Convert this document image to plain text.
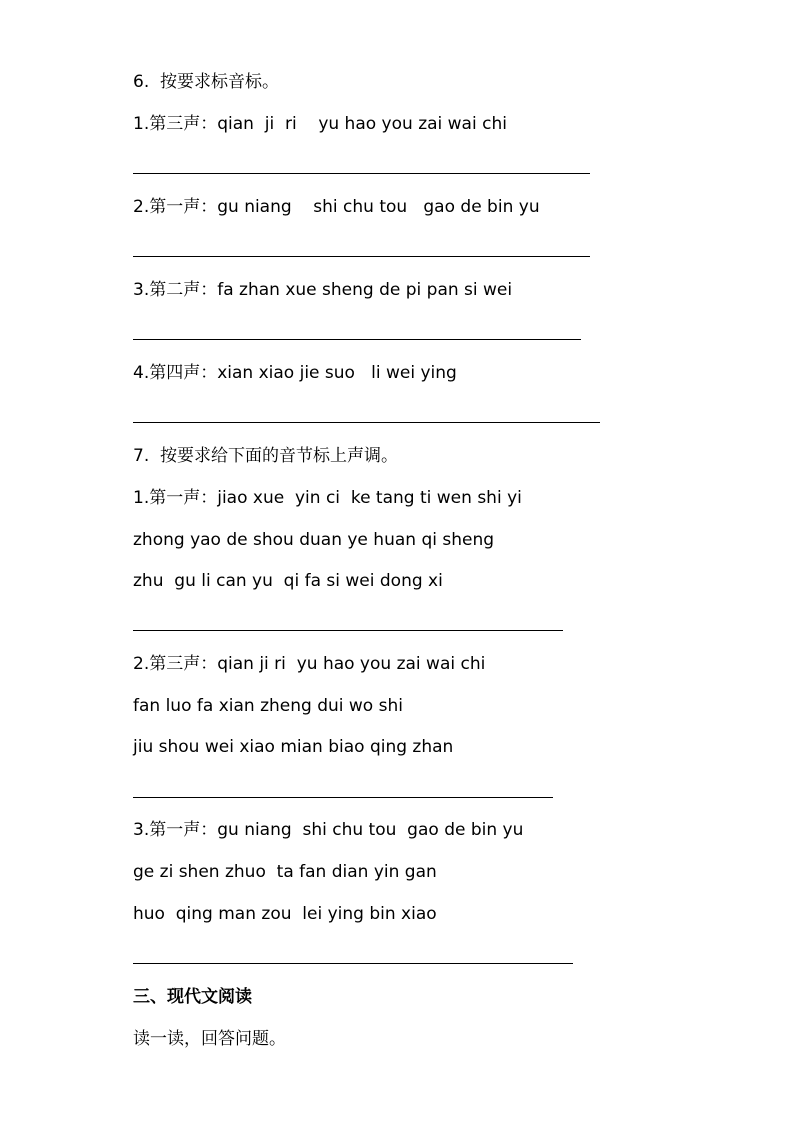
6.  按要求标音标。
1.第三声：qian  ji  ri    yu hao you zai wai chi
2.第一声：gu niang    shi chu tou   gao de bin yu
3.第二声：fa zhan xue sheng de pi pan si wei
4.第四声：xian xiao jie suo   li wei ying
7.  按要求给下面的音节标上声调。
1.第一声：jiao xue  yin ci  ke tang ti wen shi yi
zhong yao de shou duan ye huan qi sheng
zhu  gu li can yu  qi fa si wei dong xi
2.第三声：qian ji ri  yu hao you zai wai chi
fan luo fa xian zheng dui wo shi
jiu shou wei xiao mian biao qing zhan
3.第一声：gu niang  shi chu tou  gao de bin yu
ge zi shen zhuo  ta fan dian yin gan
huo  qing man zou  lei ying bin xiao
三、现代文阅读
读一读，回答问题。
